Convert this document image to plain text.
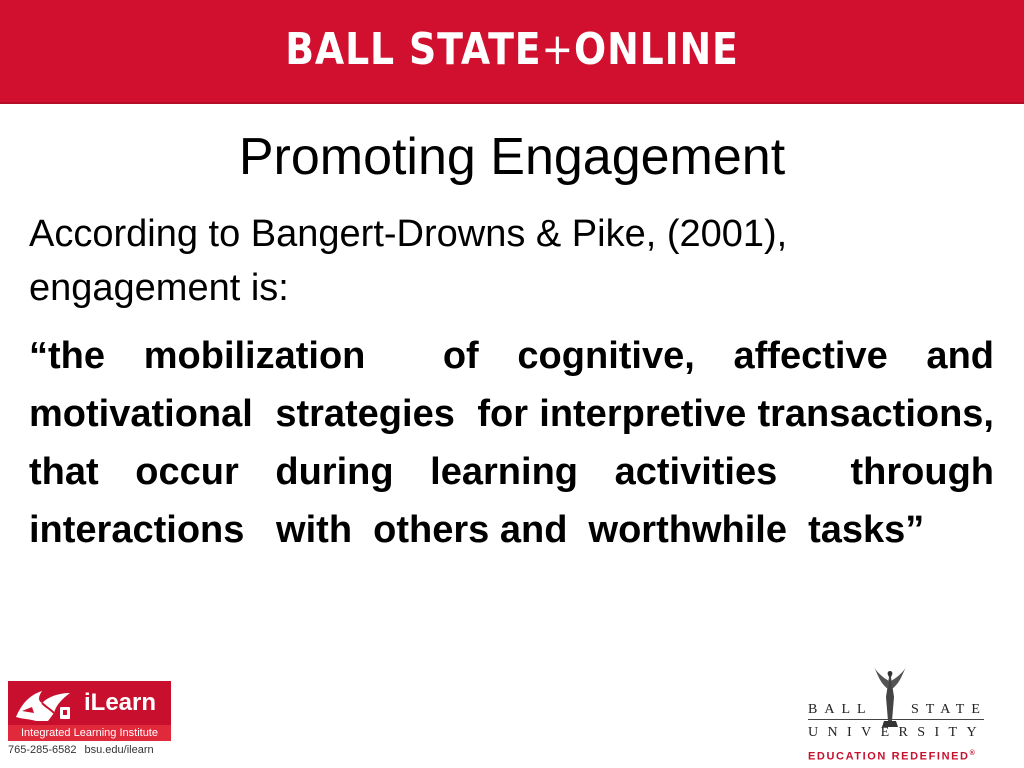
BALL STATE+ONLINE
Promoting Engagement
According to Bangert-Drowns & Pike, (2001),
engagement is:
“the mobilization  of cognitive, affective and motivational  strategies  for interpretive transactions, that occur during learning activities  through  interactions   with  others and  worthwhile  tasks”
iLearn
Integrated Learning Institute
765-285-6582 bsu.edu/ilearn
BALL	STATE
UNIVERSITY
EDUCATION REDEFINED®
